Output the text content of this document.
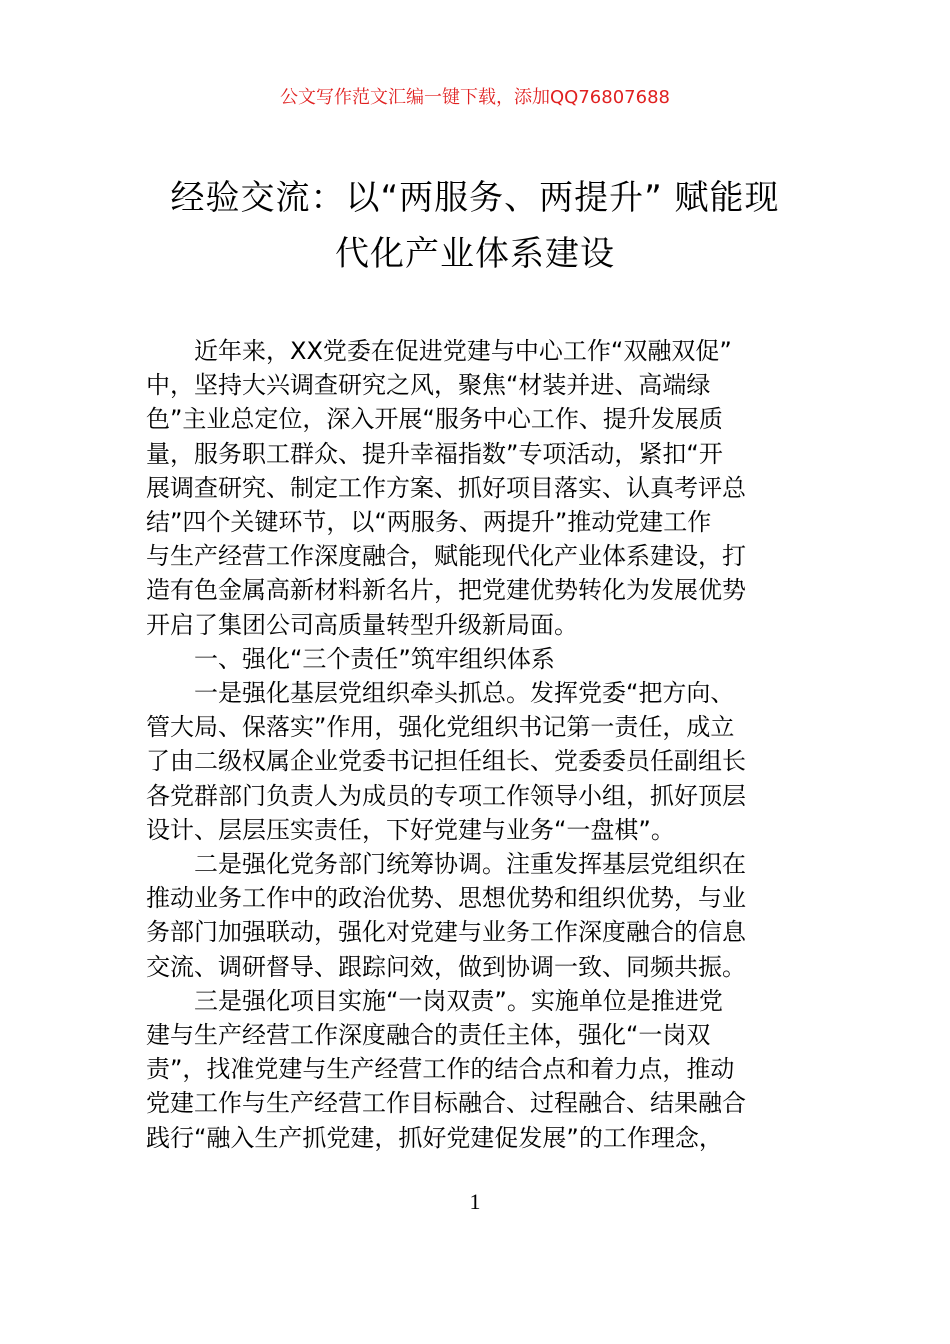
公文写作范文汇编一键下载，添加QQ76807688
经验交流：以“两服务、两提升” 赋能现
代化产业体系建设

　　近年来，XX党委在促进党建与中心工作“双融双促”
中，坚持大兴调查研究之风，聚焦“材装并进、高端绿
色”主业总定位，深入开展“服务中心工作、提升发展质
量，服务职工群众、提升幸福指数”专项活动，紧扣“开
展调查研究、制定工作方案、抓好项目落实、认真考评总
结”四个关键环节，以“两服务、两提升”推动党建工作
与生产经营工作深度融合，赋能现代化产业体系建设，打
造有色金属高新材料新名片，把党建优势转化为发展优势
开启了集团公司高质量转型升级新局面。

　　一、强化“三个责任”筑牢组织体系

　　一是强化基层党组织牵头抓总。发挥党委“把方向、
管大局、保落实”作用，强化党组织书记第一责任，成立
了由二级权属企业党委书记担任组长、党委委员任副组长
各党群部门负责人为成员的专项工作领导小组，抓好顶层
设计、层层压实责任，下好党建与业务“一盘棋”。

　　二是强化党务部门统筹协调。注重发挥基层党组织在
推动业务工作中的政治优势、思想优势和组织优势，与业
务部门加强联动，强化对党建与业务工作深度融合的信息
交流、调研督导、跟踪问效，做到协调一致、同频共振。

　　三是强化项目实施“一岗双责”。实施单位是推进党
建与生产经营工作深度融合的责任主体，强化“一岗双
责”，找准党建与生产经营工作的结合点和着力点，推动
党建工作与生产经营工作目标融合、过程融合、结果融合
践行“融入生产抓党建，抓好党建促发展”的工作理念，

1
